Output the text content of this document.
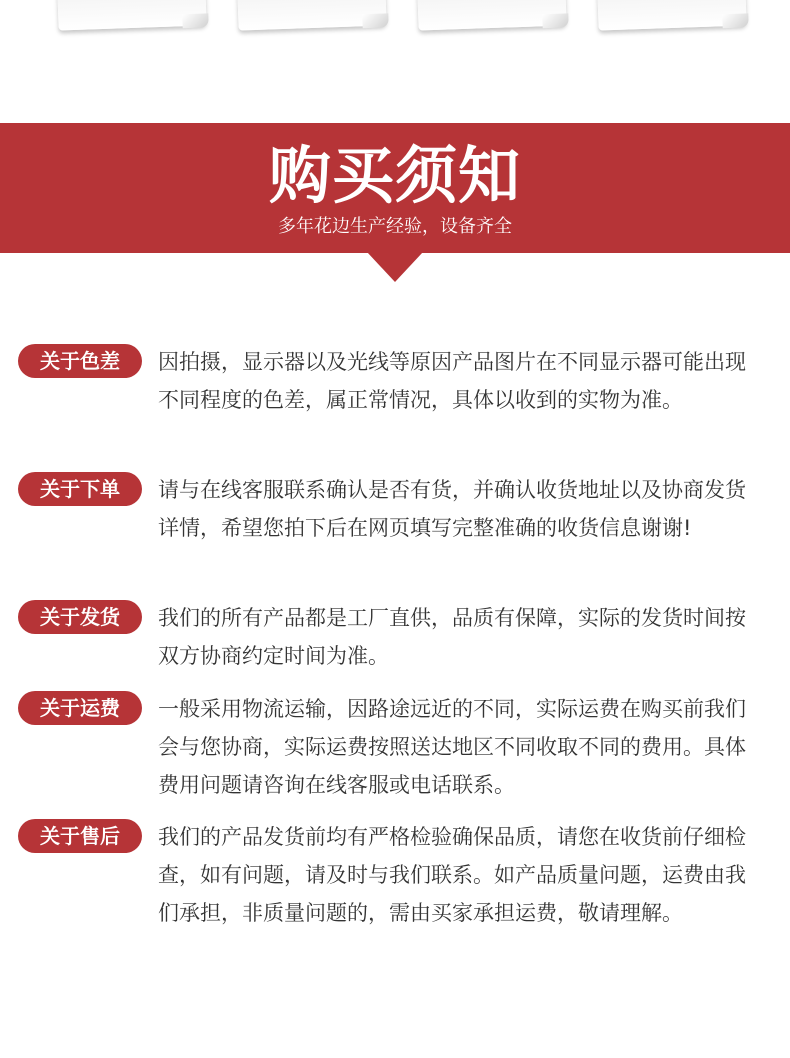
购买须知
多年花边生产经验，设备齐全
关于色差	因拍摄，显示器以及光线等原因产品图片在不同显示器可能出现不同程度的色差，属正常情况，具体以收到的实物为准。
关于下单	请与在线客服联系确认是否有货，并确认收货地址以及协商发货详情，希望您拍下后在网页填写完整准确的收货信息谢谢!
关于发货	我们的所有产品都是工厂直供，品质有保障，实际的发货时间按双方协商约定时间为准。
关于运费	一般采用物流运输，因路途远近的不同，实际运费在购买前我们会与您协商，实际运费按照送达地区不同收取不同的费用。具体费用问题请咨询在线客服或电话联系。
关于售后	我们的产品发货前均有严格检验确保品质，请您在收货前仔细检查，如有问题，请及时与我们联系。如产品质量问题，运费由我们承担，非质量问题的，需由买家承担运费，敬请理解。
